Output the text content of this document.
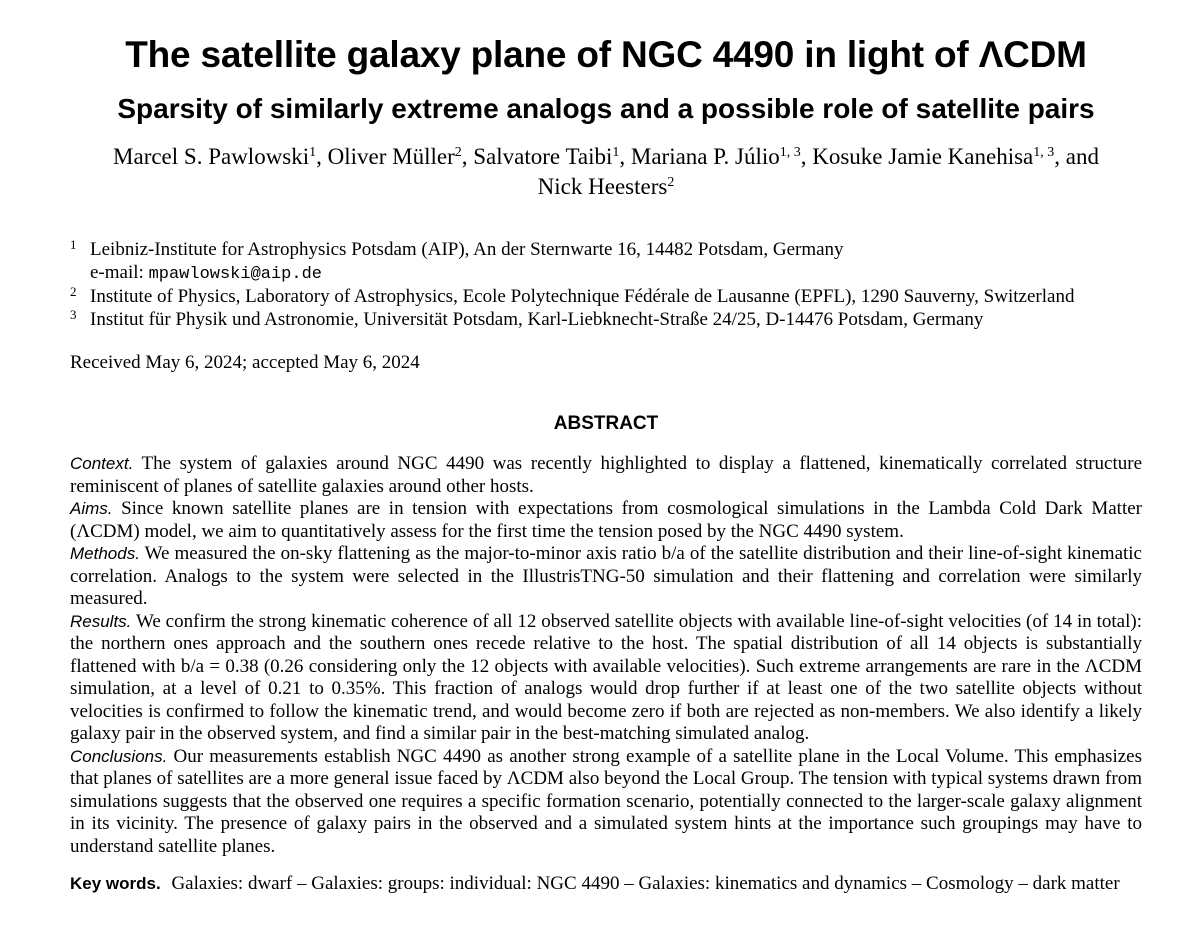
The satellite galaxy plane of NGC 4490 in light of ΛCDM
Sparsity of similarly extreme analogs and a possible role of satellite pairs
Marcel S. Pawlowski$^1$, Oliver Müller$^2$, Salvatore Taibi$^1$, Mariana P. Júlio$^{1, 3}$, Kosuke Jamie Kanehisa$^{1, 3}$, and
Nick Heesters$^2$
1 Leibniz-Institute for Astrophysics Potsdam (AIP), An der Sternwarte 16, 14482 Potsdam, Germany
e-mail: mpawlowski@aip.de
2 Institute of Physics, Laboratory of Astrophysics, Ecole Polytechnique Fédérale de Lausanne (EPFL), 1290 Sauverny, Switzerland
3 Institut für Physik und Astronomie, Universität Potsdam, Karl-Liebknecht-Straße 24/25, D-14476 Potsdam, Germany
Received May 6, 2024; accepted May 6, 2024
ABSTRACT

Context. The system of galaxies around NGC 4490 was recently highlighted to display a flattened, kinematically correlated structure reminiscent of planes of satellite galaxies around other hosts.

Aims. Since known satellite planes are in tension with expectations from cosmological simulations in the Lambda Cold Dark Matter (ΛCDM) model, we aim to quantitatively assess for the first time the tension posed by the NGC 4490 system.

Methods. We measured the on-sky flattening as the major-to-minor axis ratio b/a of the satellite distribution and their line-of-sight kinematic correlation. Analogs to the system were selected in the IllustrisTNG-50 simulation and their flattening and correlation were similarly measured.

Results. We confirm the strong kinematic coherence of all 12 observed satellite objects with available line-of-sight velocities (of 14 in total): the northern ones approach and the southern ones recede relative to the host. The spatial distribution of all 14 objects is substantially flattened with b/a = 0.38 (0.26 considering only the 12 objects with available velocities). Such extreme arrangements are rare in the ΛCDM simulation, at a level of 0.21 to 0.35%. This fraction of analogs would drop further if at least one of the two satellite objects without velocities is confirmed to follow the kinematic trend, and would become zero if both are rejected as non-members. We also identify a likely galaxy pair in the observed system, and find a similar pair in the best-matching simulated analog.

Conclusions. Our measurements establish NGC 4490 as another strong example of a satellite plane in the Local Volume. This emphasizes that planes of satellites are a more general issue faced by ΛCDM also beyond the Local Group. The tension with typical systems drawn from simulations suggests that the observed one requires a specific formation scenario, potentially connected to the larger-scale galaxy alignment in its vicinity. The presence of galaxy pairs in the observed and a simulated system hints at the importance such groupings may have to understand satellite planes.

Key words. Galaxies: dwarf – Galaxies: groups: individual: NGC 4490 – Galaxies: kinematics and dynamics – Cosmology – dark matter
